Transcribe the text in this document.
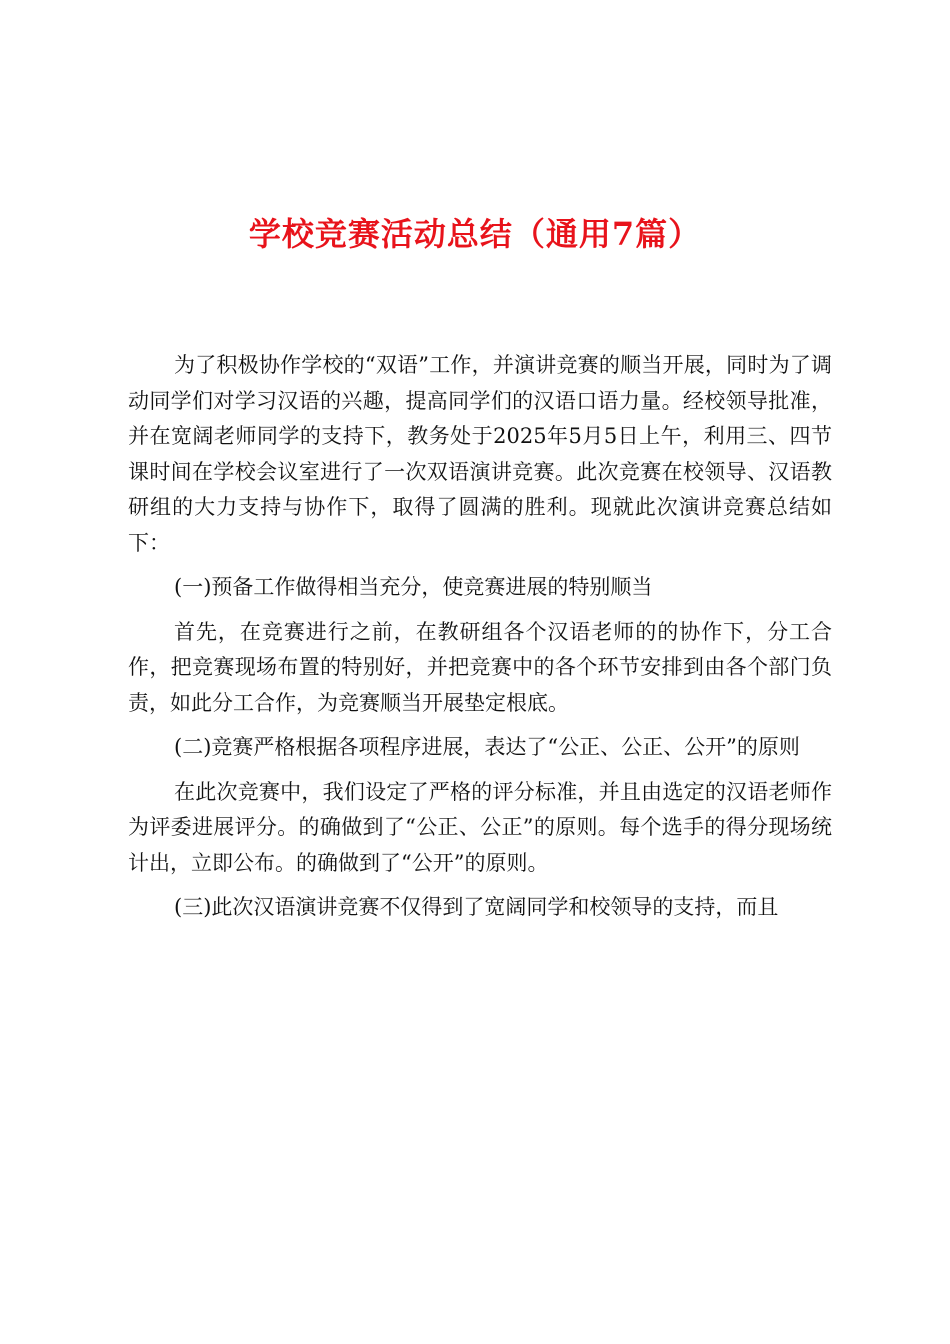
学校竞赛活动总结（通用7篇）

为了积极协作学校的“双语”工作，并演讲竞赛的顺当开展，同时为了调动同学们对学习汉语的兴趣，提高同学们的汉语口语力量。经校领导批准，并在宽阔老师同学的支持下，教务处于2025年5月5日上午，利用三、四节课时间在学校会议室进行了一次双语演讲竞赛。此次竞赛在校领导、汉语教研组的大力支持与协作下，取得了圆满的胜利。现就此次演讲竞赛总结如下：

(一)预备工作做得相当充分，使竞赛进展的特别顺当

首先，在竞赛进行之前，在教研组各个汉语老师的的协作下，分工合作，把竞赛现场布置的特别好，并把竞赛中的各个环节安排到由各个部门负责，如此分工合作，为竞赛顺当开展垫定根底。

(二)竞赛严格根据各项程序进展，表达了“公正、公正、公开”的原则

在此次竞赛中，我们设定了严格的评分标准，并且由选定的汉语老师作为评委进展评分。的确做到了“公正、公正”的原则。每个选手的得分现场统计出，立即公布。的确做到了“公开”的原则。

(三)此次汉语演讲竞赛不仅得到了宽阔同学和校领导的支持，而且
